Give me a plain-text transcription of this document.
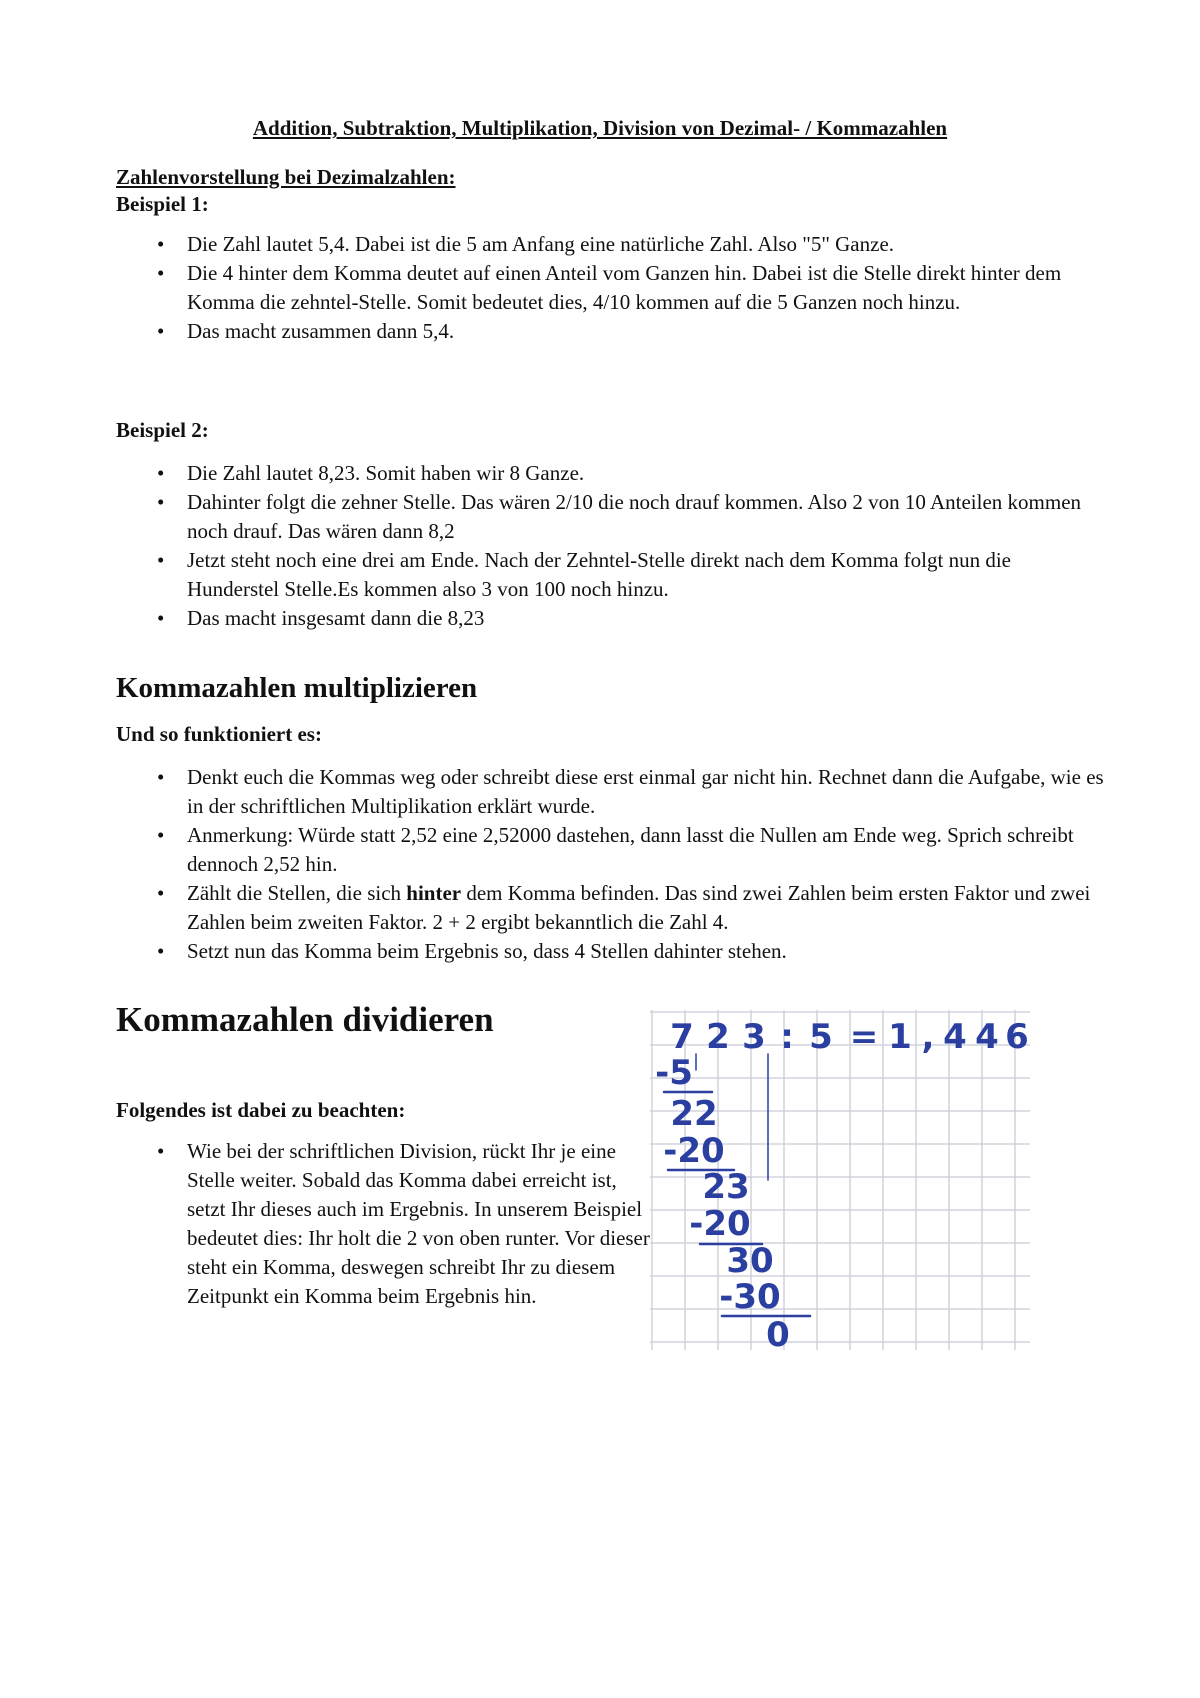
Addition, Subtraktion, Multiplikation, Division von Dezimal- / Kommazahlen
Zahlenvorstellung bei Dezimalzahlen:
Beispiel 1:
• Die Zahl lautet 5,4. Dabei ist die 5 am Anfang eine natürliche Zahl. Also "5" Ganze.
• Die 4 hinter dem Komma deutet auf einen Anteil vom Ganzen hin. Dabei ist die Stelle direkt hinter dem Komma die zehntel-Stelle. Somit bedeutet dies, 4/10 kommen auf die 5 Ganzen noch hinzu.
• Das macht zusammen dann 5,4.
Beispiel 2:
• Die Zahl lautet 8,23. Somit haben wir 8 Ganze.
• Dahinter folgt die zehner Stelle. Das wären 2/10 die noch drauf kommen. Also 2 von 10 Anteilen kommen noch drauf. Das wären dann 8,2
• Jetzt steht noch eine drei am Ende. Nach der Zehntel-Stelle direkt nach dem Komma folgt nun die Hunderstel Stelle.Es kommen also 3 von 100 noch hinzu.
• Das macht insgesamt dann die 8,23
Kommazahlen multiplizieren
Und so funktioniert es:
• Denkt euch die Kommas weg oder schreibt diese erst einmal gar nicht hin. Rechnet dann die Aufgabe, wie es in der schriftlichen Multiplikation erklärt wurde.
• Anmerkung: Würde statt 2,52 eine 2,52000 dastehen, dann lasst die Nullen am Ende weg. Sprich schreibt dennoch 2,52 hin.
• Zählt die Stellen, die sich hinter dem Komma befinden. Das sind zwei Zahlen beim ersten Faktor und zwei Zahlen beim zweiten Faktor. 2 + 2 ergibt bekanntlich die Zahl 4.
• Setzt nun das Komma beim Ergebnis so, dass 4 Stellen dahinter stehen.
Kommazahlen dividieren
Folgendes ist dabei zu beachten:
• Wie bei der schriftlichen Division, rückt Ihr je eine Stelle weiter. Sobald das Komma dabei erreicht ist, setzt Ihr dieses auch im Ergebnis. In unserem Beispiel bedeutet dies: Ihr holt die 2 von oben runter. Vor dieser steht ein Komma, deswegen schreibt Ihr zu diesem Zeitpunkt ein Komma beim Ergebnis hin.
7 2 3 : 5 = 1 , 4 4 6
-5
22
-20
23
-20
30
-30
0
